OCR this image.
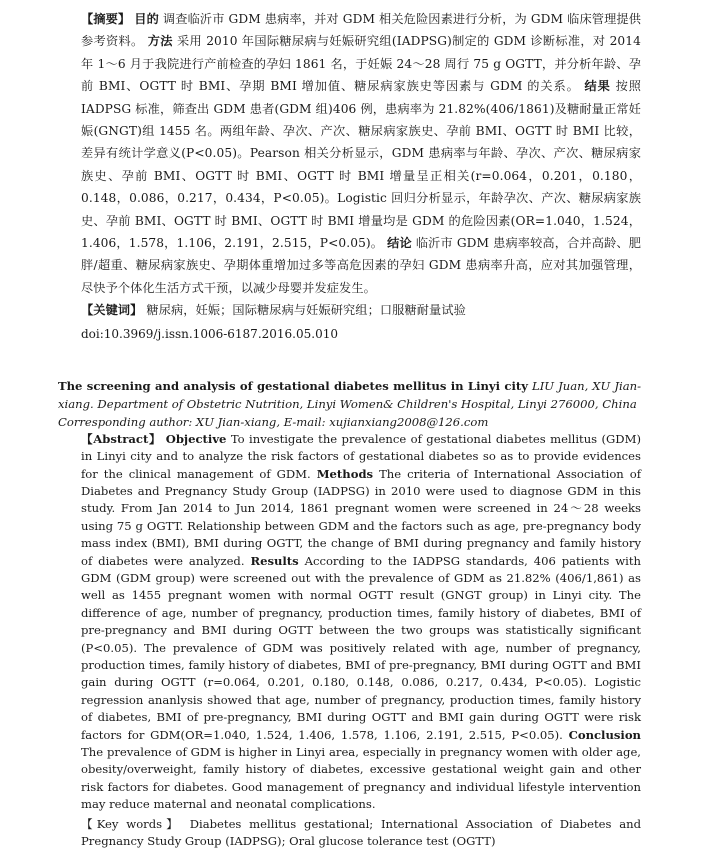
【摘要】 目的 调查临沂市 GDM 患病率，并对 GDM 相关危险因素进行分析，为 GDM 临床管理提供参考资料。 方法 采用 2010 年国际糖尿病与妊娠研究组(IADPSG)制定的 GDM 诊断标准，对 2014 年 1～6 月于我院进行产前检查的孕妇 1861 名，于妊娠 24～28 周行 75 g OGTT，并分析年龄、孕前 BMI、OGTT 时 BMI、孕期 BMI 增加值、糖尿病家族史等因素与 GDM 的关系。 结果 按照 IADPSG 标准，筛查出 GDM 患者(GDM 组)406 例，患病率为 21.82%(406/1861)及糖耐量正常妊娠(GNGT)组 1455 名。两组年龄、孕次、产次、糖尿病家族史、孕前 BMI、OGTT 时 BMI 比较，差异有统计学意义(P<0.05)。Pearson 相关分析显示，GDM 患病率与年龄、孕次、产次、糖尿病家族史、孕前 BMI、OGTT 时 BMI、OGTT 时 BMI 增量呈正相关(r=0.064，0.201，0.180，0.148，0.086，0.217，0.434，P<0.05)。Logistic 回归分析显示，年龄孕次、产次、糖尿病家族史、孕前 BMI、OGTT 时 BMI、OGTT 时 BMI 增量均是 GDM 的危险因素(OR=1.040，1.524，1.406，1.578，1.106，2.191，2.515，P<0.05)。 结论 临沂市 GDM 患病率较高，合并高龄、肥胖/超重、糖尿病家族史、孕期体重增加过多等高危因素的孕妇 GDM 患病率升高，应对其加强管理，尽快予个体化生活方式干预，以减少母婴并发症发生。
【关键词】 糖尿病，妊娠；国际糖尿病与妊娠研究组；口服糖耐量试验
doi:10.3969/j.issn.1006-6187.2016.05.010
The screening and analysis of gestational diabetes mellitus in Linyi city LIU Juan, XU Jian-xiang. Department of Obstetric Nutrition, Linyi Women& Children's Hospital, Linyi 276000, China
Corresponding author: XU Jian-xiang, E-mail: xujianxiang2008@126.com
【Abstract】 Objective To investigate the prevalence of gestational diabetes mellitus (GDM) in Linyi city and to analyze the risk factors of gestational diabetes so as to provide evidences for the clinical management of GDM. Methods The criteria of International Association of Diabetes and Pregnancy Study Group (IADPSG) in 2010 were used to diagnose GDM in this study. From Jan 2014 to Jun 2014, 1861 pregnant women were screened in 24～28 weeks using 75 g OGTT. Relationship between GDM and the factors such as age, pre-pregnancy body mass index (BMI), BMI during OGTT, the change of BMI during pregnancy and family history of diabetes were analyzed. Results According to the IADPSG standards, 406 patients with GDM (GDM group) were screened out with the prevalence of GDM as 21.82% (406/1,861) as well as 1455 pregnant women with normal OGTT result (GNGT group) in Linyi city. The difference of age, number of pregnancy, production times, family history of diabetes, BMI of pre-pregnancy and BMI during OGTT between the two groups was statistically significant (P<0.05). The prevalence of GDM was positively related with age, number of pregnancy, production times, family history of diabetes, BMI of pre-pregnancy, BMI during OGTT and BMI gain during OGTT (r=0.064, 0.201, 0.180, 0.148, 0.086, 0.217, 0.434, P<0.05). Logistic regression ananlysis showed that age, number of pregnancy, production times, family history of diabetes, BMI of pre-pregnancy, BMI during OGTT and BMI gain during OGTT were risk factors for GDM(OR=1.040, 1.524, 1.406, 1.578, 1.106, 2.191, 2.515, P<0.05). Conclusion The prevalence of GDM is higher in Linyi area, especially in pregnancy women with older age, obesity/overweight, family history of diabetes, excessive gestational weight gain and other risk factors for diabetes. Good management of pregnancy and individual lifestyle intervention may reduce maternal and neonatal complications.
【Key words】 Diabetes mellitus gestational; International Association of Diabetes and Pregnancy Study Group (IADPSG); Oral glucose tolerance test (OGTT)
